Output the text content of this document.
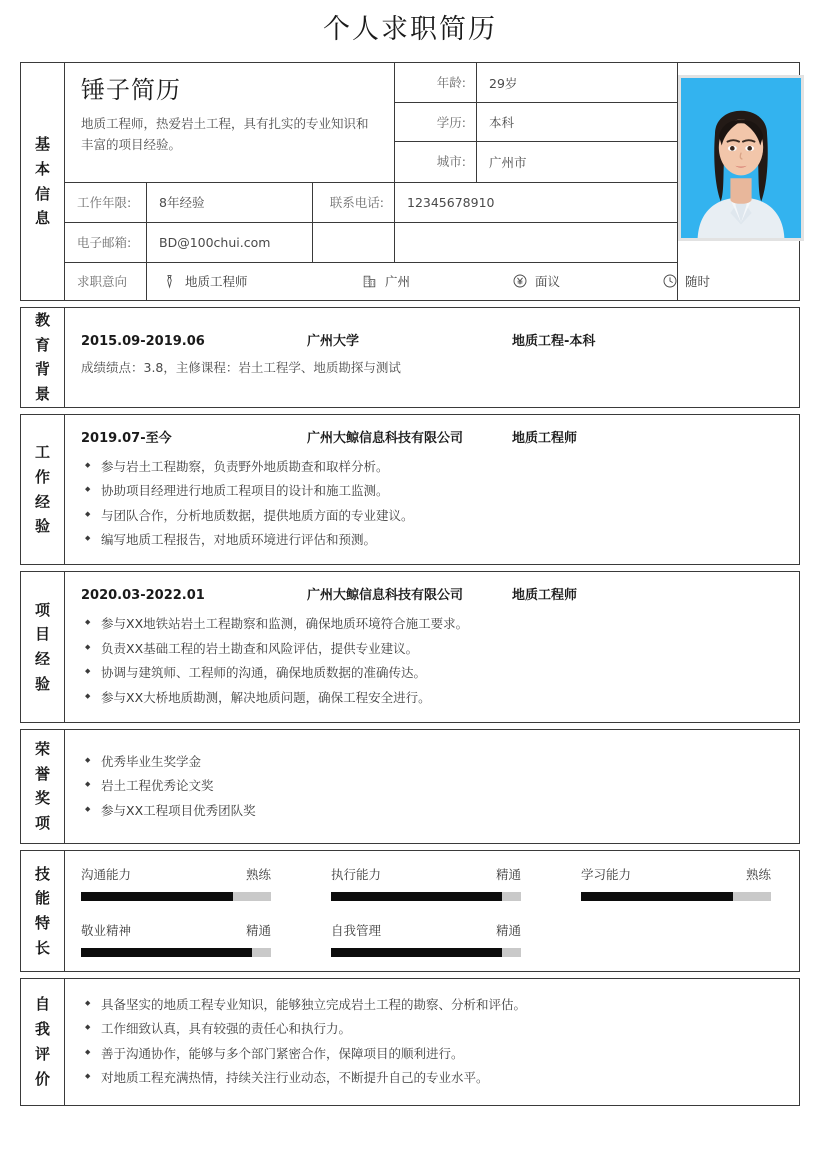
个人求职简历
基
本
信
息
锤子简历
地质工程师，热爱岩土工程，具有扎实的专业知识和丰富的项目经验。
年龄:	29岁
学历:	本科
城市:	广州市
工作年限:	8年经验	联系电话:	12345678910
电子邮箱:	BD@100chui.com
求职意向	地质工程师	广州	面议	随时
教
育
背
景
2015.09-2019.06	广州大学	地质工程-本科
成绩绩点：3.8，主修课程：岩土工程学、地质勘探与测试
工
作
经
验
2019.07-至今	广州大鲸信息科技有限公司	地质工程师
◆ 参与岩土工程勘察，负责野外地质勘查和取样分析。
◆ 协助项目经理进行地质工程项目的设计和施工监测。
◆ 与团队合作，分析地质数据，提供地质方面的专业建议。
◆ 编写地质工程报告，对地质环境进行评估和预测。
项
目
经
验
2020.03-2022.01	广州大鲸信息科技有限公司	地质工程师
◆ 参与XX地铁站岩土工程勘察和监测，确保地质环境符合施工要求。
◆ 负责XX基础工程的岩土勘查和风险评估，提供专业建议。
◆ 协调与建筑师、工程师的沟通，确保地质数据的准确传达。
◆ 参与XX大桥地质勘测，解决地质问题，确保工程安全进行。
荣
誉
奖
项
◆ 优秀毕业生奖学金
◆ 岩土工程优秀论文奖
◆ 参与XX工程项目优秀团队奖
技
能
特
长
沟通能力	熟练	执行能力	精通	学习能力	熟练
敬业精神	精通	自我管理	精通
自
我
评
价
◆ 具备坚实的地质工程专业知识，能够独立完成岩土工程的勘察、分析和评估。
◆ 工作细致认真，具有较强的责任心和执行力。
◆ 善于沟通协作，能够与多个部门紧密合作，保障项目的顺利进行。
◆ 对地质工程充满热情，持续关注行业动态，不断提升自己的专业水平。
